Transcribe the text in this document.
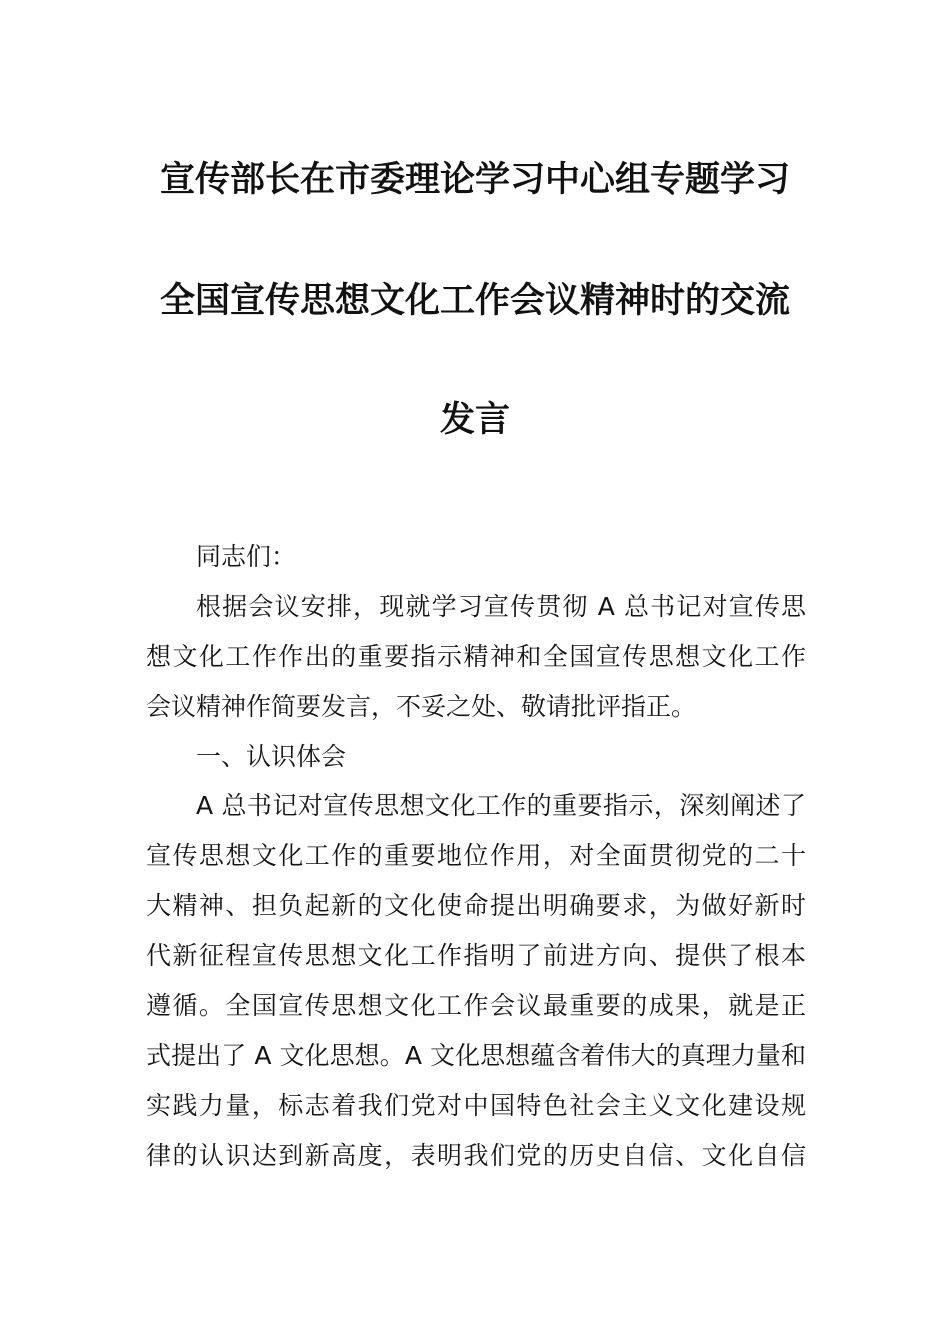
宣传部长在市委理论学习中心组专题学习
全国宣传思想文化工作会议精神时的交流
发言
同志们：
根据会议安排，现就学习宣传贯彻 A 总书记对宣传思
想文化工作作出的重要指示精神和全国宣传思想文化工作
会议精神作简要发言，不妥之处、敬请批评指正。
一、认识体会
A 总书记对宣传思想文化工作的重要指示，深刻阐述了
宣传思想文化工作的重要地位作用，对全面贯彻党的二十
大精神、担负起新的文化使命提出明确要求，为做好新时
代新征程宣传思想文化工作指明了前进方向、提供了根本
遵循。全国宣传思想文化工作会议最重要的成果，就是正
式提出了 A 文化思想。A 文化思想蕴含着伟大的真理力量和
实践力量，标志着我们党对中国特色社会主义文化建设规
律的认识达到新高度，表明我们党的历史自信、文化自信
